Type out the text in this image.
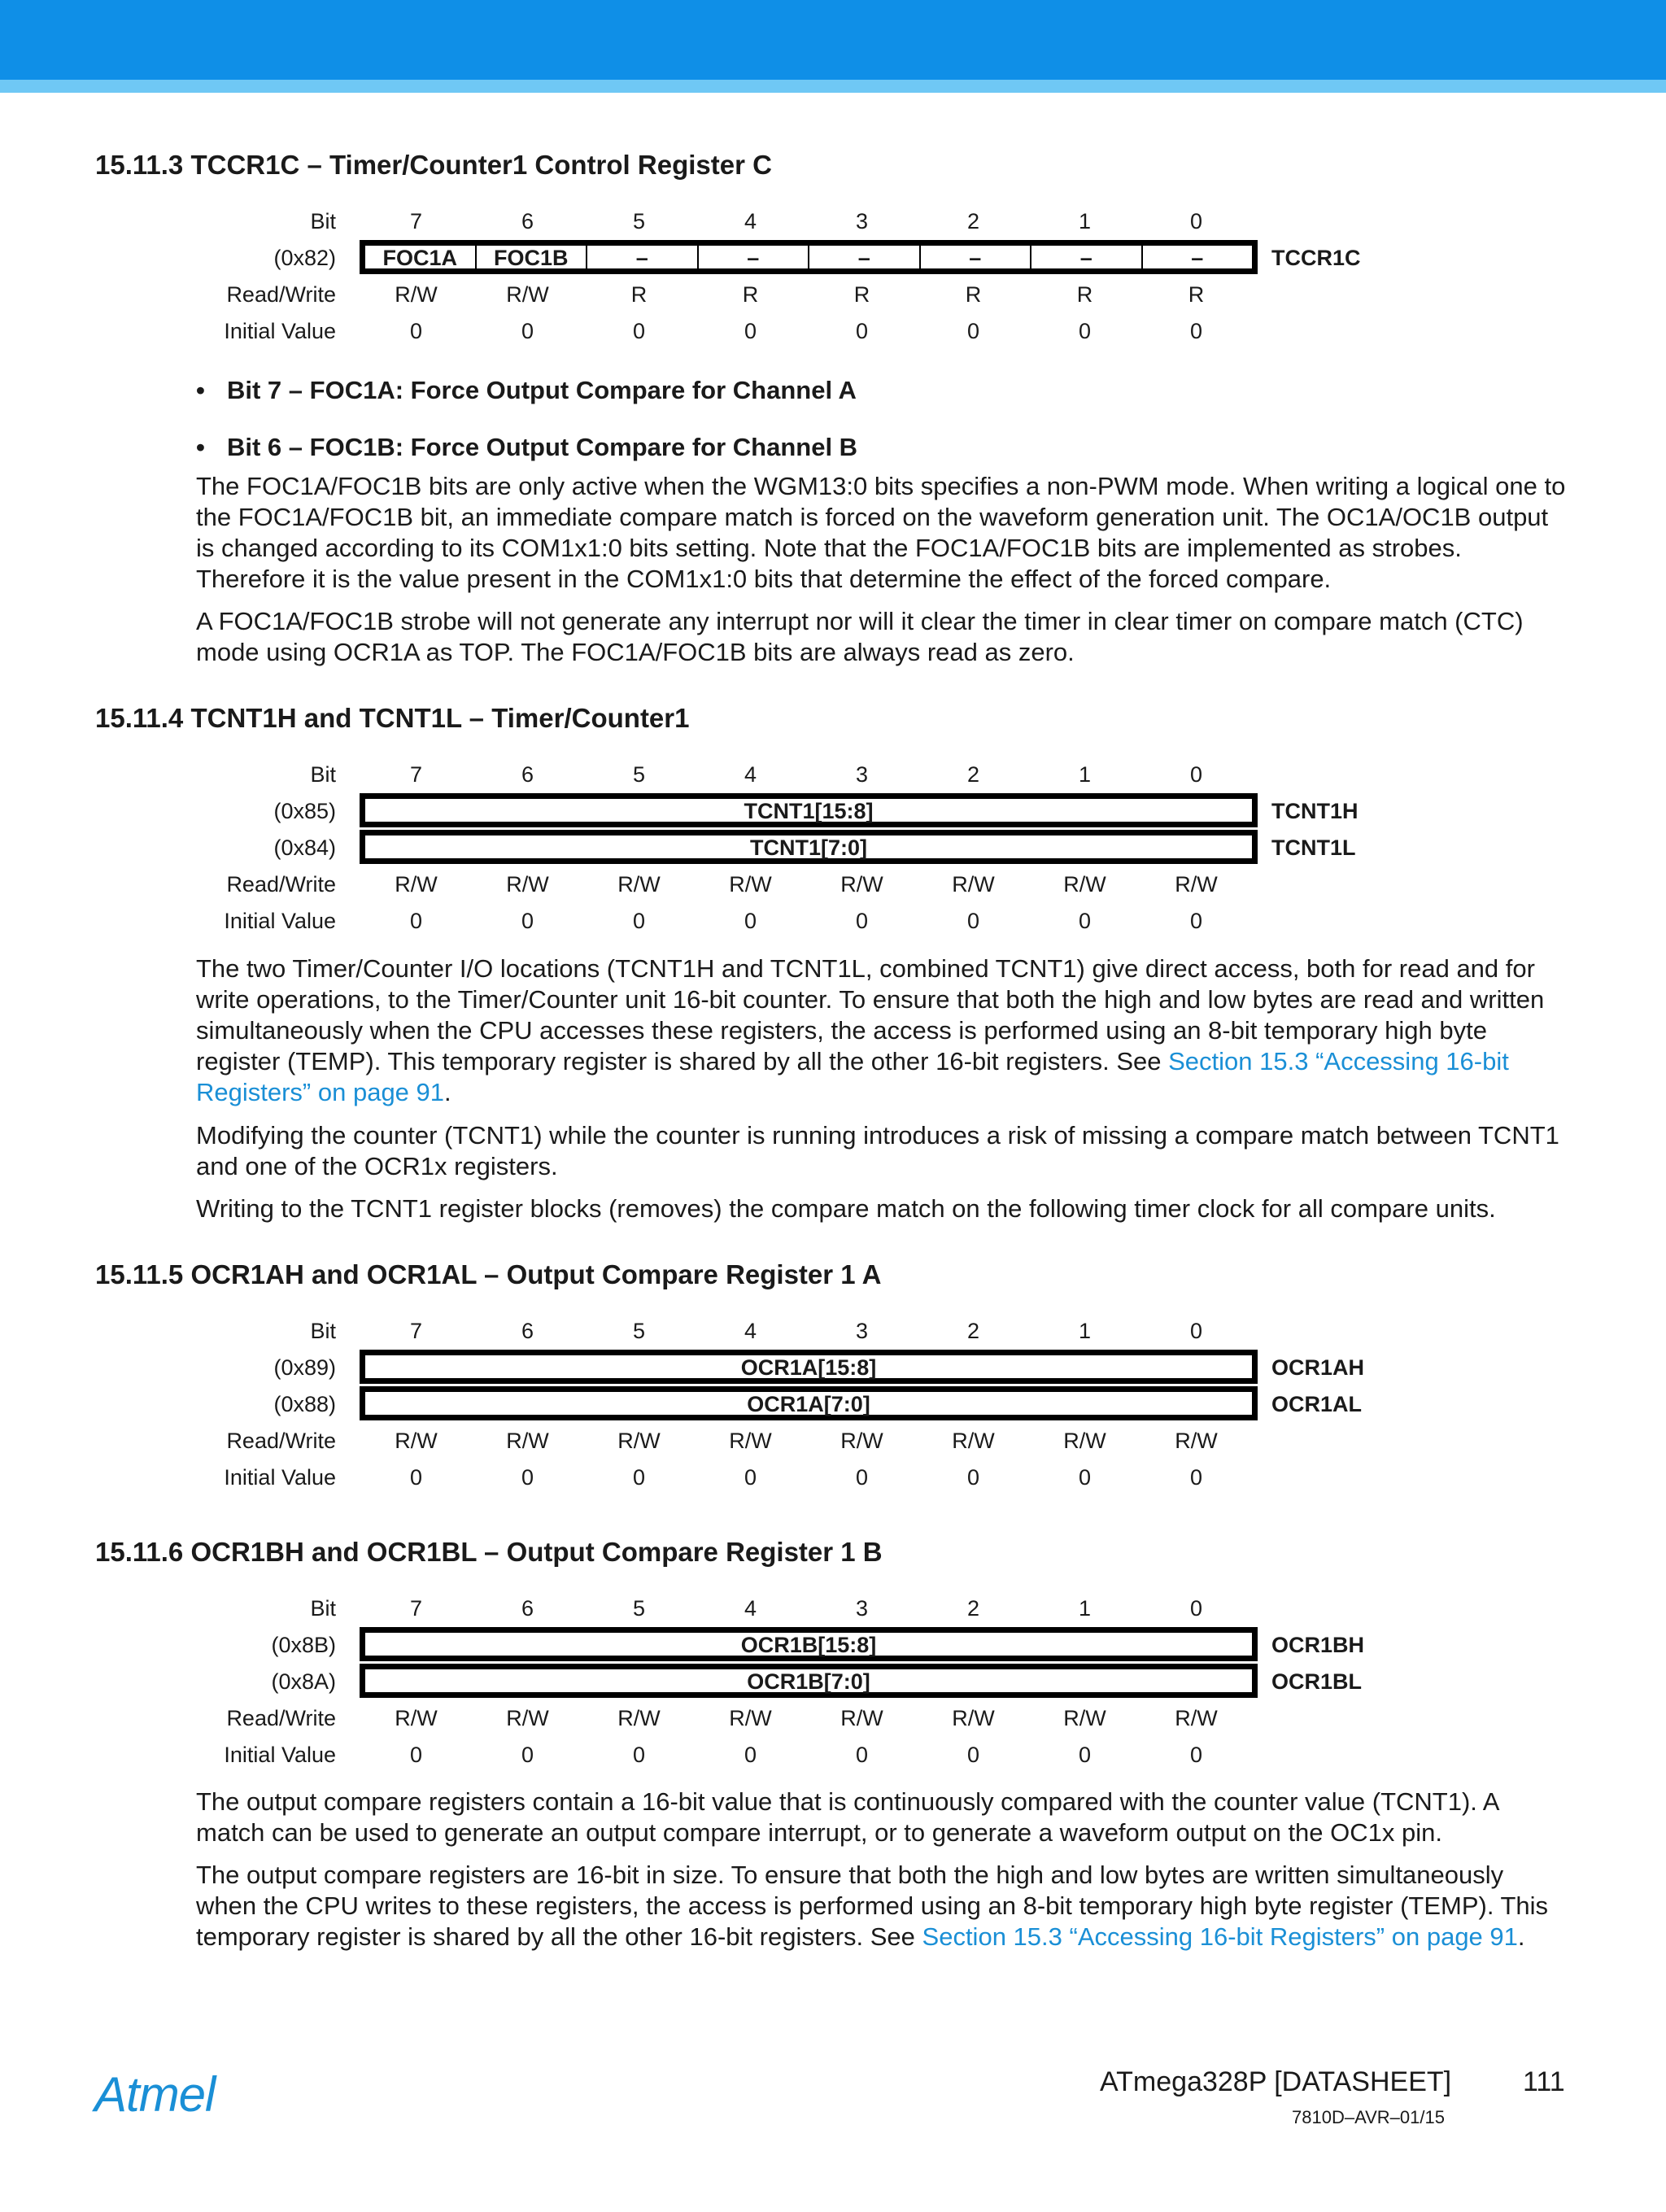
15.11.3 TCCR1C – Timer/Counter1 Control Register C
Bit	7	6	5	4	3	2	1	0
(0x82)	FOC1A	FOC1B	–	–	–	–	–	–	TCCR1C
Read/Write	R/W	R/W	R	R	R	R	R	R
Initial Value	0	0	0	0	0	0	0	0
• Bit 7 – FOC1A: Force Output Compare for Channel A
• Bit 6 – FOC1B: Force Output Compare for Channel B

The FOC1A/FOC1B bits are only active when the WGM13:0 bits specifies a non-PWM mode. When writing a logical one to the FOC1A/FOC1B bit, an immediate compare match is forced on the waveform generation unit. The OC1A/OC1B output is changed according to its COM1x1:0 bits setting. Note that the FOC1A/FOC1B bits are implemented as strobes. Therefore it is the value present in the COM1x1:0 bits that determine the effect of the forced compare.

A FOC1A/FOC1B strobe will not generate any interrupt nor will it clear the timer in clear timer on compare match (CTC) mode using OCR1A as TOP. The FOC1A/FOC1B bits are always read as zero.

15.11.4 TCNT1H and TCNT1L – Timer/Counter1
Bit	7	6	5	4	3	2	1	0
(0x85)	TCNT1[15:8]	TCNT1H
(0x84)	TCNT1[7:0]	TCNT1L
Read/Write	R/W	R/W	R/W	R/W	R/W	R/W	R/W	R/W
Initial Value	0	0	0	0	0	0	0	0

The two Timer/Counter I/O locations (TCNT1H and TCNT1L, combined TCNT1) give direct access, both for read and for write operations, to the Timer/Counter unit 16-bit counter. To ensure that both the high and low bytes are read and written simultaneously when the CPU accesses these registers, the access is performed using an 8-bit temporary high byte register (TEMP). This temporary register is shared by all the other 16-bit registers. See Section 15.3 “Accessing 16-bit Registers” on page 91.

Modifying the counter (TCNT1) while the counter is running introduces a risk of missing a compare match between TCNT1 and one of the OCR1x registers.

Writing to the TCNT1 register blocks (removes) the compare match on the following timer clock for all compare units.

15.11.5 OCR1AH and OCR1AL – Output Compare Register 1 A
Bit	7	6	5	4	3	2	1	0
(0x89)	OCR1A[15:8]	OCR1AH
(0x88)	OCR1A[7:0]	OCR1AL
Read/Write	R/W	R/W	R/W	R/W	R/W	R/W	R/W	R/W
Initial Value	0	0	0	0	0	0	0	0
15.11.6 OCR1BH and OCR1BL – Output Compare Register 1 B
Bit	7	6	5	4	3	2	1	0
(0x8B)	OCR1B[15:8]	OCR1BH
(0x8A)	OCR1B[7:0]	OCR1BL
Read/Write	R/W	R/W	R/W	R/W	R/W	R/W	R/W	R/W
Initial Value	0	0	0	0	0	0	0	0

The output compare registers contain a 16-bit value that is continuously compared with the counter value (TCNT1). A match can be used to generate an output compare interrupt, or to generate a waveform output on the OC1x pin.

The output compare registers are 16-bit in size. To ensure that both the high and low bytes are written simultaneously when the CPU writes to these registers, the access is performed using an 8-bit temporary high byte register (TEMP). This temporary register is shared by all the other 16-bit registers. See Section 15.3 “Accessing 16-bit Registers” on page 91.

Atmel	ATmega328P [DATASHEET]	111
7810D–AVR–01/15
